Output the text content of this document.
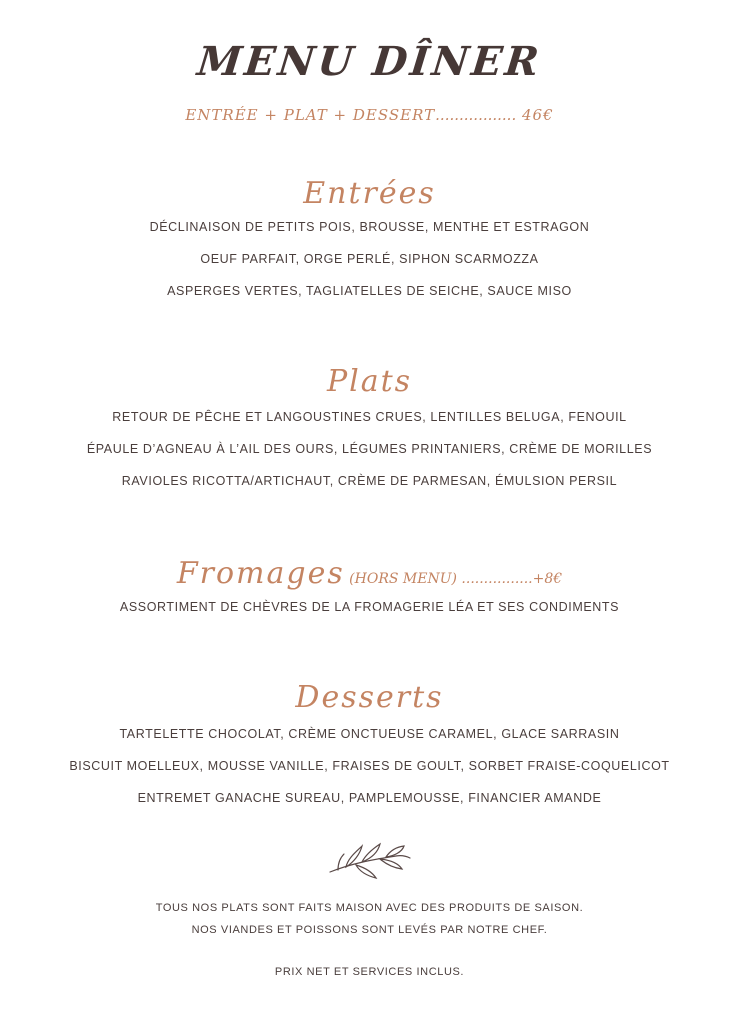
MENU DÎNER
ENTRÉE + PLAT + DESSERT................. 46€
Entrées
DÉCLINAISON DE PETITS POIS, BROUSSE, MENTHE ET ESTRAGON
OEUF PARFAIT, ORGE PERLÉ, SIPHON SCARMOZZA
ASPERGES VERTES, TAGLIATELLES DE SEICHE, SAUCE MISO
Plats
RETOUR DE PÊCHE ET LANGOUSTINES CRUES, LENTILLES BELUGA, FENOUIL
ÉPAULE D’AGNEAU À L’AIL DES OURS, LÉGUMES PRINTANIERS, CRÈME DE MORILLES
RAVIOLES RICOTTA/ARTICHAUT, CRÈME DE PARMESAN, ÉMULSION PERSIL
Fromages (HORS MENU) ................+8€
ASSORTIMENT DE CHÈVRES DE LA FROMAGERIE LÉA ET SES CONDIMENTS
Desserts
TARTELETTE CHOCOLAT, CRÈME ONCTUEUSE CARAMEL, GLACE SARRASIN
BISCUIT MOELLEUX, MOUSSE VANILLE, FRAISES DE GOULT, SORBET FRAISE-COQUELICOT
ENTREMET GANACHE SUREAU, PAMPLEMOUSSE, FINANCIER AMANDE
TOUS NOS PLATS SONT FAITS MAISON AVEC DES PRODUITS DE SAISON.
NOS VIANDES ET POISSONS SONT LEVÉS PAR NOTRE CHEF.
PRIX NET ET SERVICES INCLUS.
